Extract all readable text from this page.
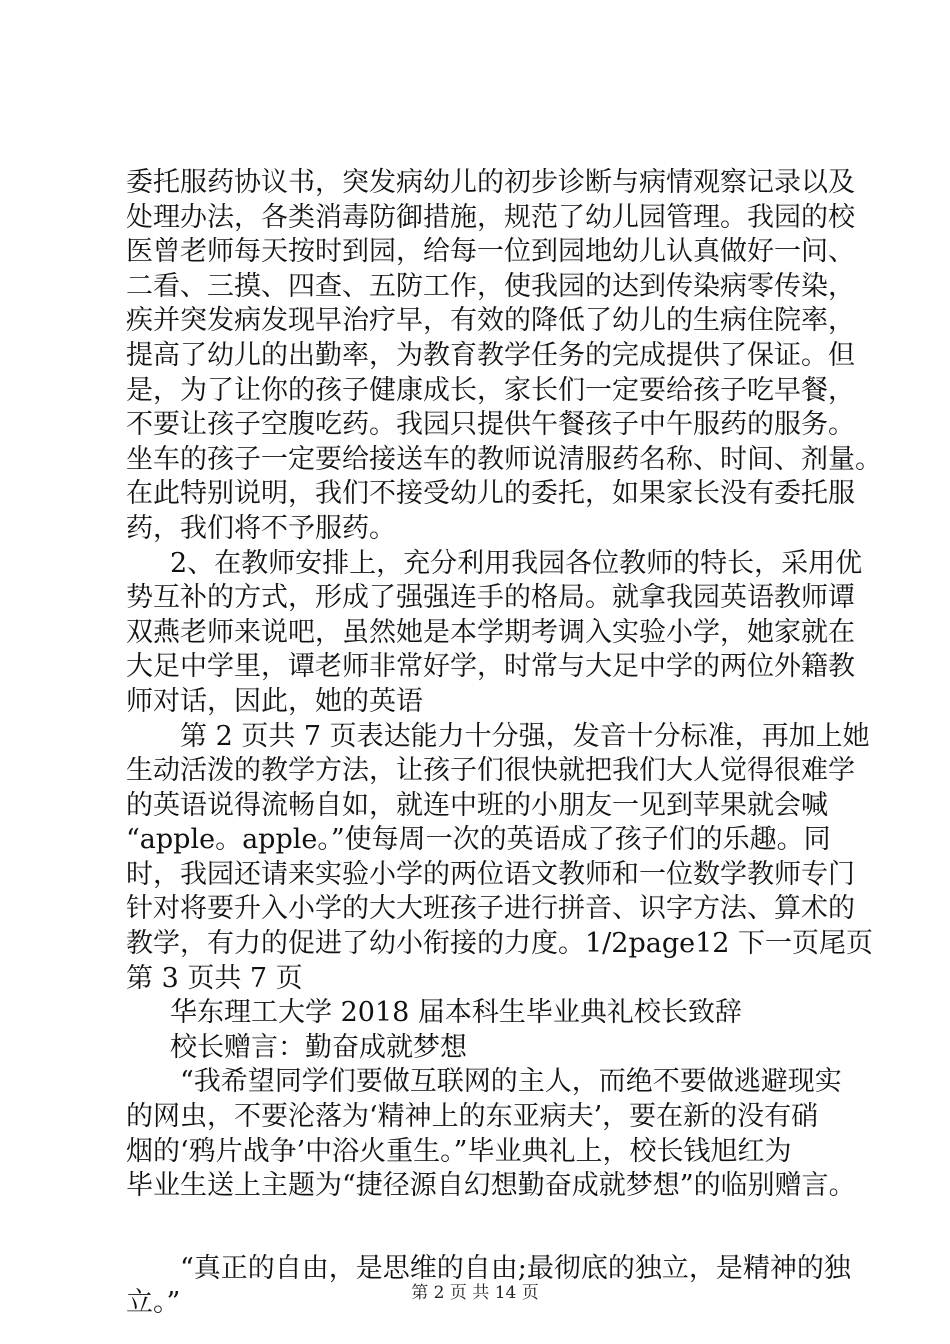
委托服药协议书，突发病幼儿的初步诊断与病情观察记录以及
处理办法，各类消毒防御措施，规范了幼儿园管理。我园的校
医曾老师每天按时到园，给每一位到园地幼儿认真做好一问、
二看、三摸、四查、五防工作，使我园的达到传染病零传染，
疾并突发病发现早治疗早，有效的降低了幼儿的生病住院率，
提高了幼儿的出勤率，为教育教学任务的完成提供了保证。但
是，为了让你的孩子健康成长，家长们一定要给孩子吃早餐，
不要让孩子空腹吃药。我园只提供午餐孩子中午服药的服务。
坐车的孩子一定要给接送车的教师说清服药名称、时间、剂量。
在此特别说明，我们不接受幼儿的委托，如果家长没有委托服
药，我们将不予服药。
2、在教师安排上，充分利用我园各位教师的特长，采用优
势互补的方式，形成了强强连手的格局。就拿我园英语教师谭
双燕老师来说吧，虽然她是本学期考调入实验小学，她家就在
大足中学里，谭老师非常好学，时常与大足中学的两位外籍教
师对话，因此，她的英语
第 2 页共 7 页表达能力十分强，发音十分标准，再加上她
生动活泼的教学方法，让孩子们很快就把我们大人觉得很难学
的英语说得流畅自如，就连中班的小朋友一见到苹果就会喊
“apple。apple。”使每周一次的英语成了孩子们的乐趣。同
时，我园还请来实验小学的两位语文教师和一位数学教师专门
针对将要升入小学的大大班孩子进行拼音、识字方法、算术的
教学，有力的促进了幼小衔接的力度。1/2page12 下一页尾页
第 3 页共 7 页
华东理工大学 2018 届本科生毕业典礼校长致辞
校长赠言：勤奋成就梦想
“我希望同学们要做互联网的主人，而绝不要做逃避现实
的网虫，不要沦落为‘精神上的东亚病夫’，要在新的没有硝
烟的‘鸦片战争’中浴火重生。”毕业典礼上，校长钱旭红为
毕业生送上主题为“捷径源自幻想勤奋成就梦想”的临别赠言。
“真正的自由，是思维的自由;最彻底的独立，是精神的独
立。”	第 2 页 共 14 页
